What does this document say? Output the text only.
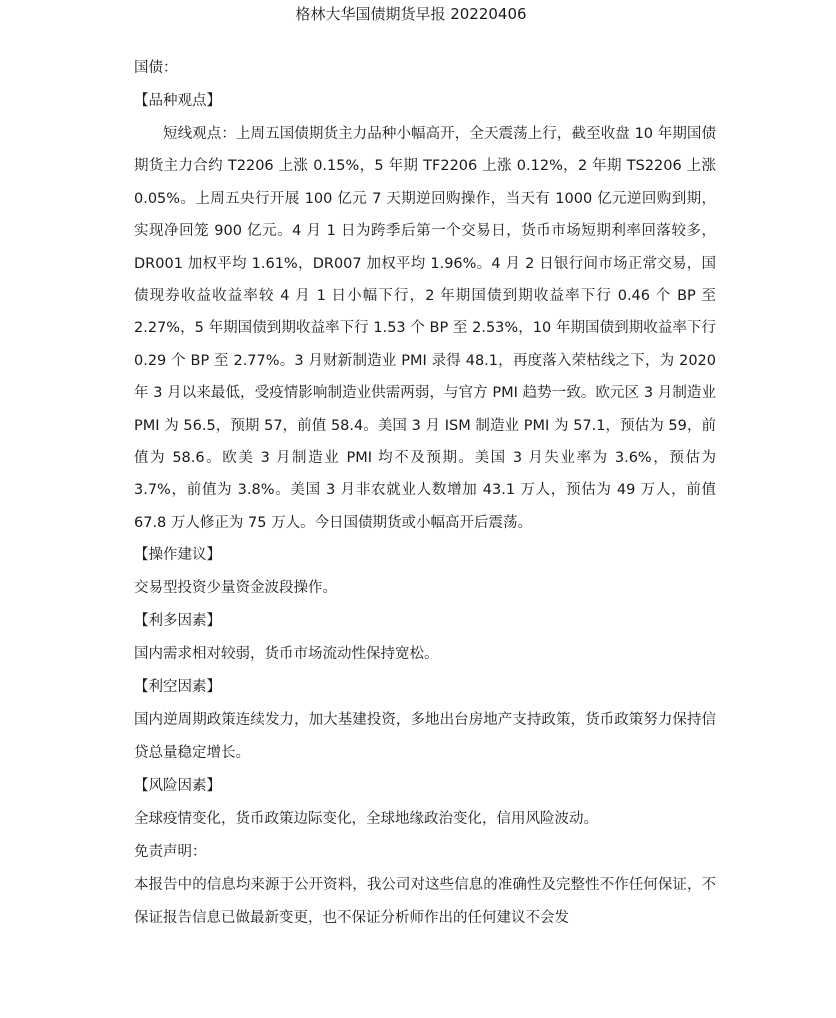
格林大华国债期货早报 20220406
国债：
【品种观点】

短线观点：上周五国债期货主力品种小幅高开，全天震荡上行，截至收盘 10 年期国债期货主力合约 T2206 上涨 0.15%，5 年期 TF2206 上涨 0.12%，2 年期 TS2206 上涨 0.05%。上周五央行开展 100 亿元 7 天期逆回购操作，当天有 1000 亿元逆回购到期，实现净回笼 900 亿元。4 月 1 日为跨季后第一个交易日，货币市场短期利率回落较多，DR001 加权平均 1.61%，DR007 加权平均 1.96%。4 月 2 日银行间市场正常交易，国债现券收益收益率较 4 月 1 日小幅下行，2 年期国债到期收益率下行 0.46 个 BP 至 2.27%，5 年期国债到期收益率下行 1.53 个 BP 至 2.53%，10 年期国债到期收益率下行 0.29 个 BP 至 2.77%。3 月财新制造业 PMI 录得 48.1，再度落入荣枯线之下，为 2020 年 3 月以来最低，受疫情影响制造业供需两弱，与官方 PMI 趋势一致。欧元区 3 月制造业 PMI 为 56.5，预期 57，前值 58.4。美国 3 月 ISM 制造业 PMI 为 57.1，预估为 59，前值为 58.6。欧美 3 月制造业 PMI 均不及预期。美国 3 月失业率为 3.6%，预估为 3.7%，前值为 3.8%。美国 3 月非农就业人数增加 43.1 万人，预估为 49 万人，前值 67.8 万人修正为 75 万人。今日国债期货或小幅高开后震荡。

【操作建议】

交易型投资少量资金波段操作。

【利多因素】

国内需求相对较弱，货币市场流动性保持宽松。

【利空因素】

国内逆周期政策连续发力，加大基建投资，多地出台房地产支持政策，货币政策努力保持信贷总量稳定增长。

【风险因素】

全球疫情变化，货币政策边际变化，全球地缘政治变化，信用风险波动。

免责声明：

本报告中的信息均来源于公开资料，我公司对这些信息的准确性及完整性不作任何保证，不保证报告信息已做最新变更，也不保证分析师作出的任何建议不会发
